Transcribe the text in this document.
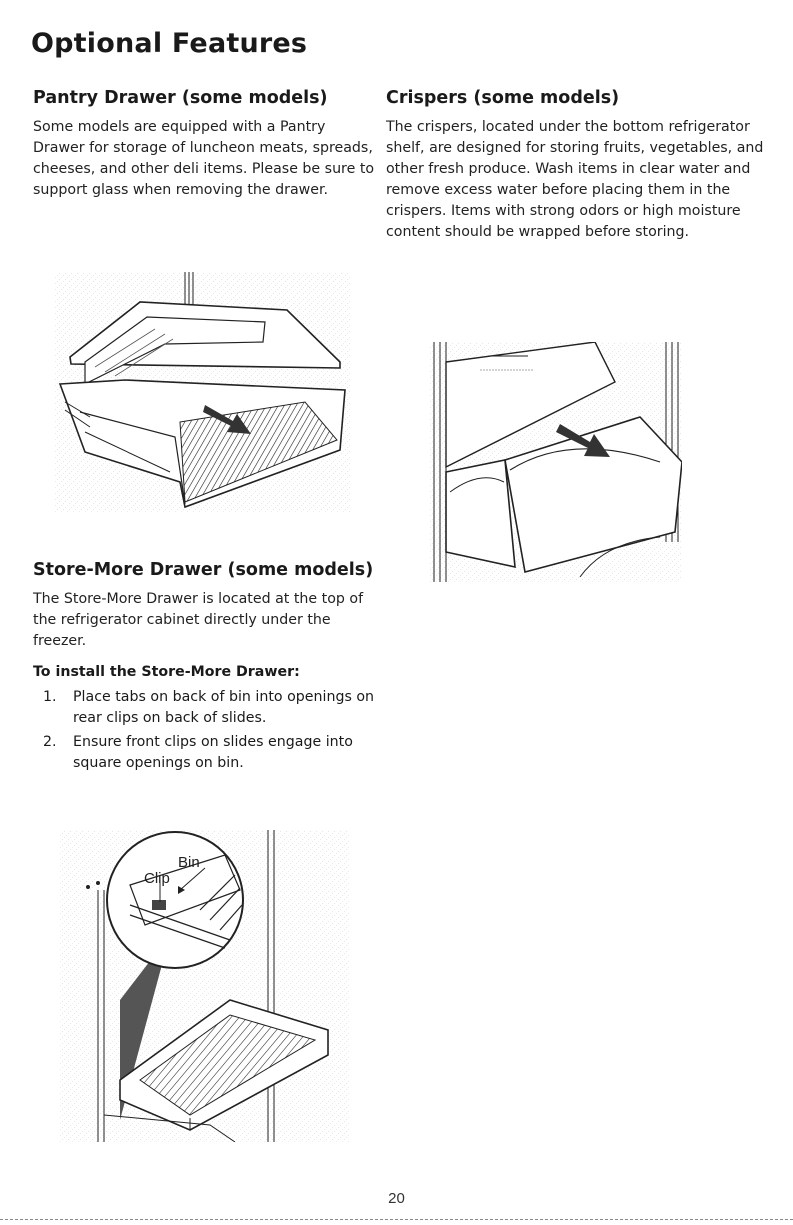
Optional Features
Pantry Drawer (some models)

Some models are equipped with a Pantry Drawer for storage of luncheon meats, spreads, cheeses, and other deli items. Please be sure to support glass when removing the drawer.

Crispers (some models)

The crispers, located under the bottom refrigerator shelf, are designed for storing fruits, vegetables, and other fresh produce. Wash items in clear water and remove excess water before placing them in the crispers. Items with strong odors or high moisture content should be wrapped before storing.

Store-More Drawer (some models)

The Store-More Drawer is located at the top of the refrigerator cabinet directly under the freezer.

To install the Store-More Drawer:

1. Place tabs on back of bin into openings on rear clips on back of slides.
2. Ensure front clips on slides engage into square openings on bin.
Bin
Clip
20
